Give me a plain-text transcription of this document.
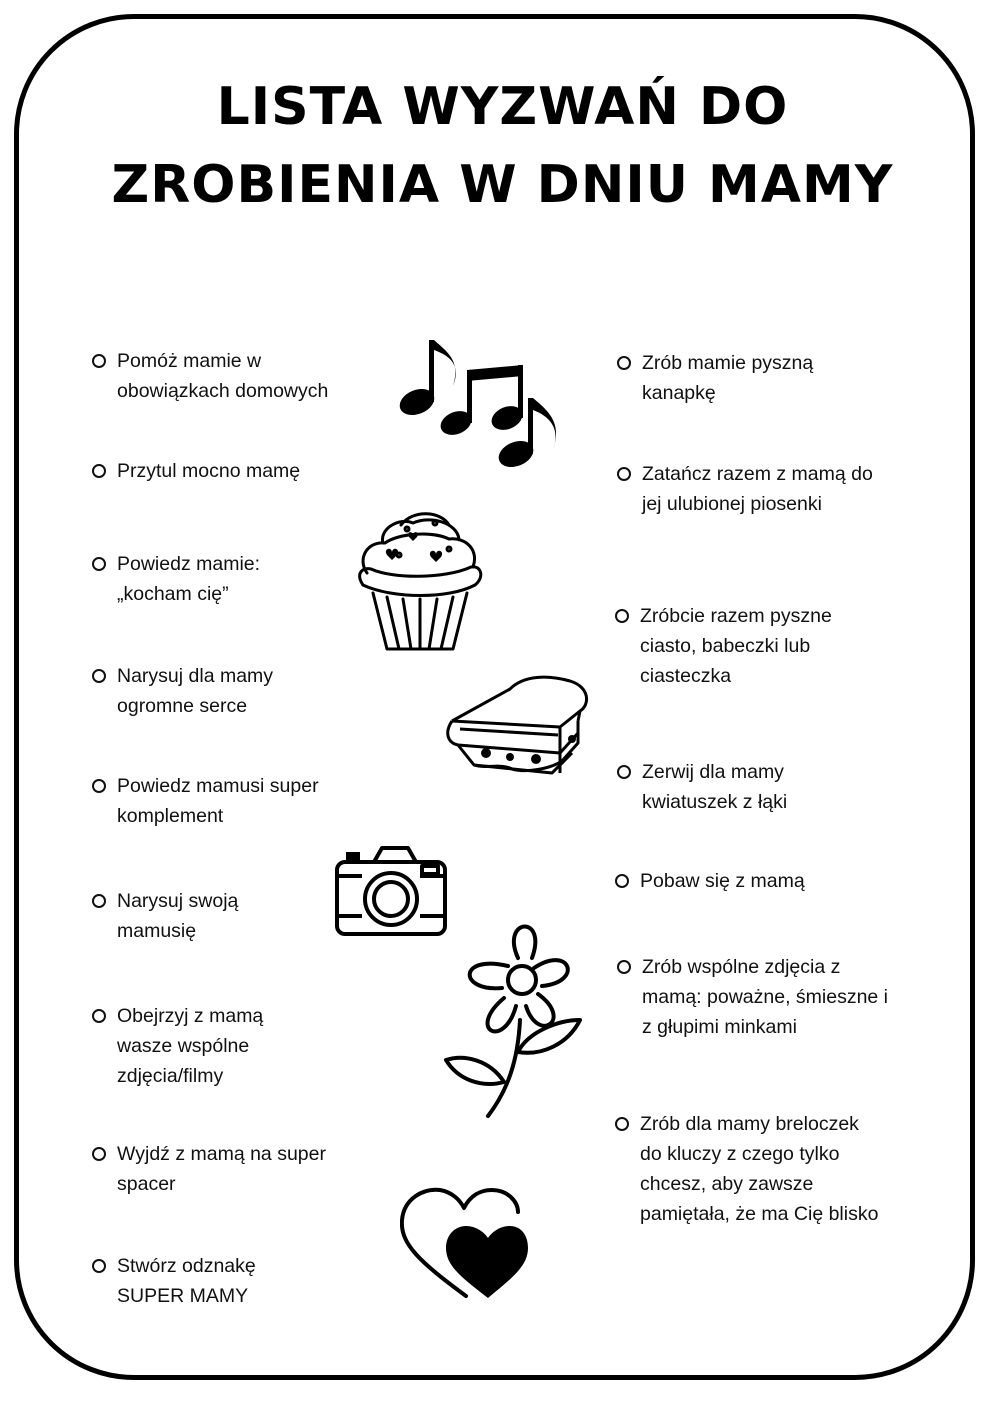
LISTA WYZWAŃ DO
ZROBIENIA W DNIU MAMY
Pomóż mamie w
obowiązkach domowych
Przytul mocno mamę
Powiedz mamie:
„kocham cię”
Narysuj dla mamy
ogromne serce
Powiedz mamusi super
komplement
Narysuj swoją
mamusię
Obejrzyj z mamą
wasze wspólne
zdjęcia/filmy
Wyjdź z mamą na super
spacer
Stwórz odznakę
SUPER MAMY
Zrób mamie pyszną
kanapkę
Zatańcz razem z mamą do
jej ulubionej piosenki
Zróbcie razem pyszne
ciasto, babeczki lub
ciasteczka
Zerwij dla mamy
kwiatuszek z łąki
Pobaw się z mamą
Zrób wspólne zdjęcia z
mamą: poważne, śmieszne i
z głupimi minkami
Zrób dla mamy breloczek
do kluczy z czego tylko
chcesz, aby zawsze
pamiętała, że ma Cię blisko
